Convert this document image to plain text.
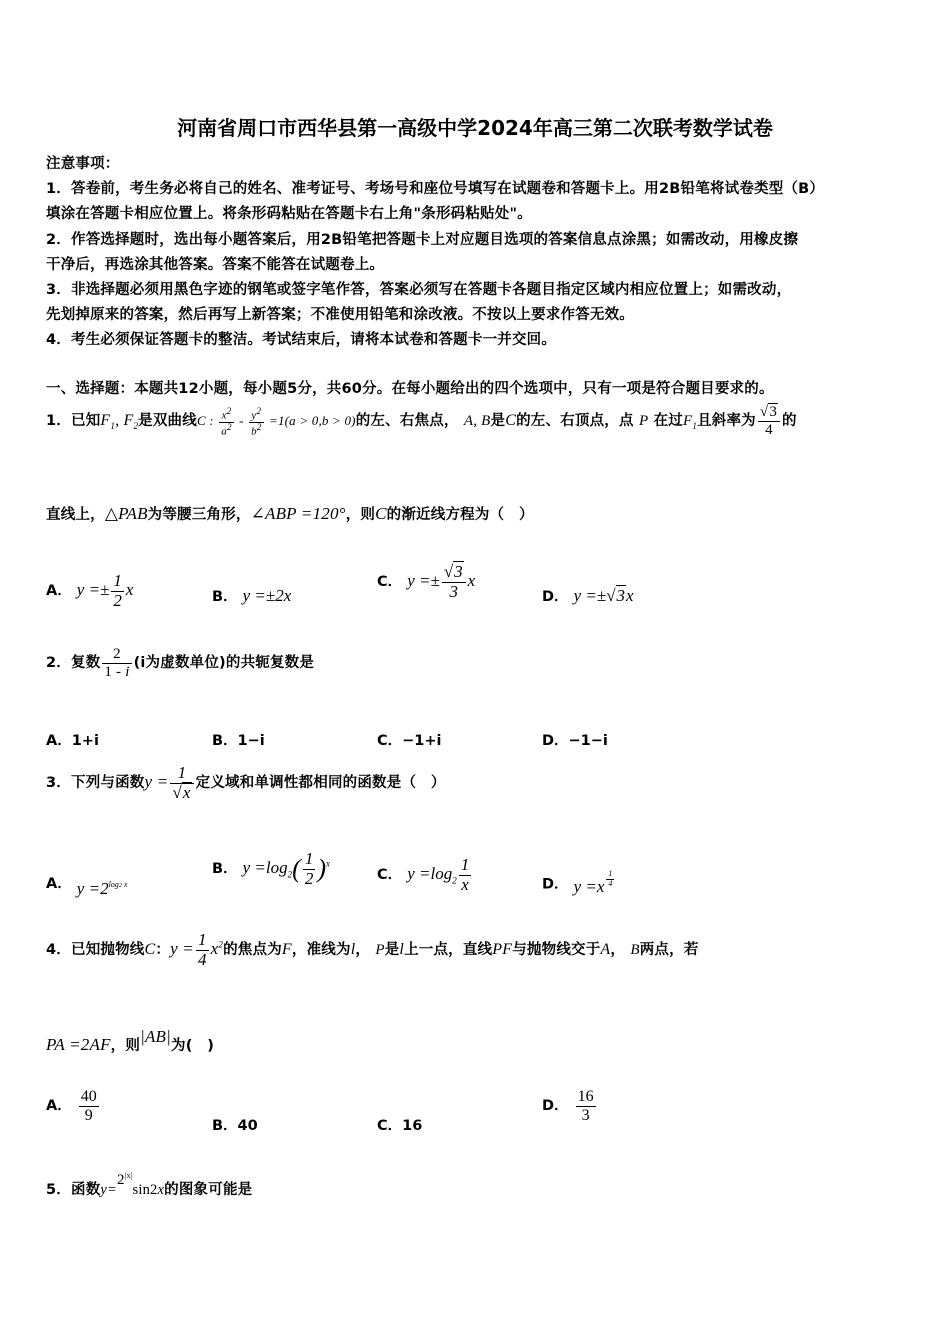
河南省周口市西华县第一高级中学2024年高三第二次联考数学试卷
注意事项：
1．答卷前，考生务必将自己的姓名、准考证号、考场号和座位号填写在试题卷和答题卡上。用2B铅笔将试卷类型（B）
填涂在答题卡相应位置上。将条形码粘贴在答题卡右上角"条形码粘贴处"。
2．作答选择题时，选出每小题答案后，用2B铅笔把答题卡上对应题目选项的答案信息点涂黑；如需改动，用橡皮擦
干净后，再选涂其他答案。答案不能答在试题卷上。
3．非选择题必须用黑色字迹的钢笔或签字笔作答，答案必须写在答题卡各题目指定区域内相应位置上；如需改动，
先划掉原来的答案，然后再写上新答案；不准使用铅笔和涂改液。不按以上要求作答无效。
4．考生必须保证答题卡的整洁。考试结束后，请将本试卷和答题卡一并交回。
一、选择题：本题共12小题，每小题5分，共60分。在每小题给出的四个选项中，只有一项是符合题目要求的。
1．已知$F_1$, $F_2$是双曲线C : $\frac{x^2}{a^2} - \frac{y^2}{b^2} =1(a > 0,b > 0)$的左、右焦点， A, B是C的左、右顶点，点 P 在过$F_1$且斜率为 $\frac{√3}{4}$ 的
直线上，△PAB为等腰三角形，∠ABP =120°，则C的渐近线方程为（　）
A． $y =\pm \frac{1}{2}$ x	B． y =±2x
C． $y =\pm \frac{√3}{3}$ x
D． y =±√3x
2．复数 $\frac{2}{1 - i} (i$为虚数单位)的共轭复数是
A．1+i	B．1−i	C．−1+i	D．−1−i
3．下列与函数$y = \frac{1}{√x}$ 定义域和单调性都相同的函数是（　）
A． $y =2^{log2 x}$
B． $y =\log_2( \frac{1}{2} )^x$
C． $y =\log_2 \frac{1}{x}$	D． $y =x \frac{1}{4}$
4．已知抛物线C：$y = \frac{1}{4} x^2$的焦点为F，准线为l， P是l上一点，直线PF与抛物线交于A， B两点，若
PA =2AF，则|AB|为(　)
A． $\frac{40}{9}$
B．40	C．16
D． $\frac{16}{3}$
5．函数$y=2^{|x|}\sin 2x$的图象可能是
